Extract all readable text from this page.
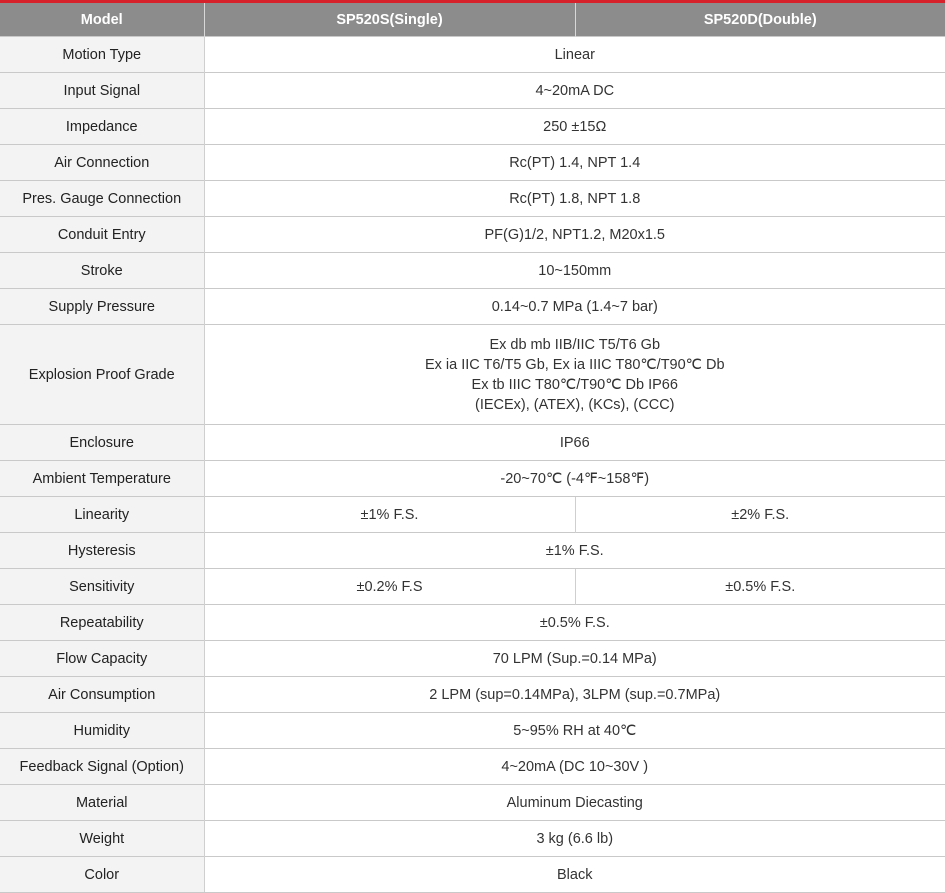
Model	SP520S(Single)	SP520D(Double)
Motion Type	Linear	
Input Signal	4~20mA DC	
Impedance	250 ±15Ω	
Air Connection	Rc(PT) 1.4, NPT 1.4	
Pres. Gauge Connection	Rc(PT) 1.8, NPT 1.8	
Conduit Entry	PF(G)1/2, NPT1.2, M20x1.5	
Stroke	10~150mm	
Supply Pressure	0.14~0.7 MPa (1.4~7 bar)	
Explosion Proof Grade	Ex db mb IIB/IIC T5/T6 Gb
Ex ia IIC T6/T5 Gb, Ex ia IIIC T80℃/T90℃ Db
Ex tb IIIC T80℃/T90℃ Db IP66
(IECEx), (ATEX), (KCs), (CCC)	

Enclosure	IP66	
Ambient Temperature	-20~70℃ (-4℉~158℉)	
Linearity	±1% F.S.	±2% F.S.
Hysteresis	±1% F.S.	
Sensitivity	±0.2% F.S	±0.5% F.S.
Repeatability	±0.5% F.S.	
Flow Capacity	70 LPM (Sup.=0.14 MPa)	
Air Consumption	2 LPM (sup=0.14MPa), 3LPM (sup.=0.7MPa)	
Humidity	5~95% RH at 40℃	
Feedback Signal (Option)	4~20mA (DC 10~30V )	
Material	Aluminum Diecasting	
Weight	3 kg (6.6 lb)	
Color	Black	
